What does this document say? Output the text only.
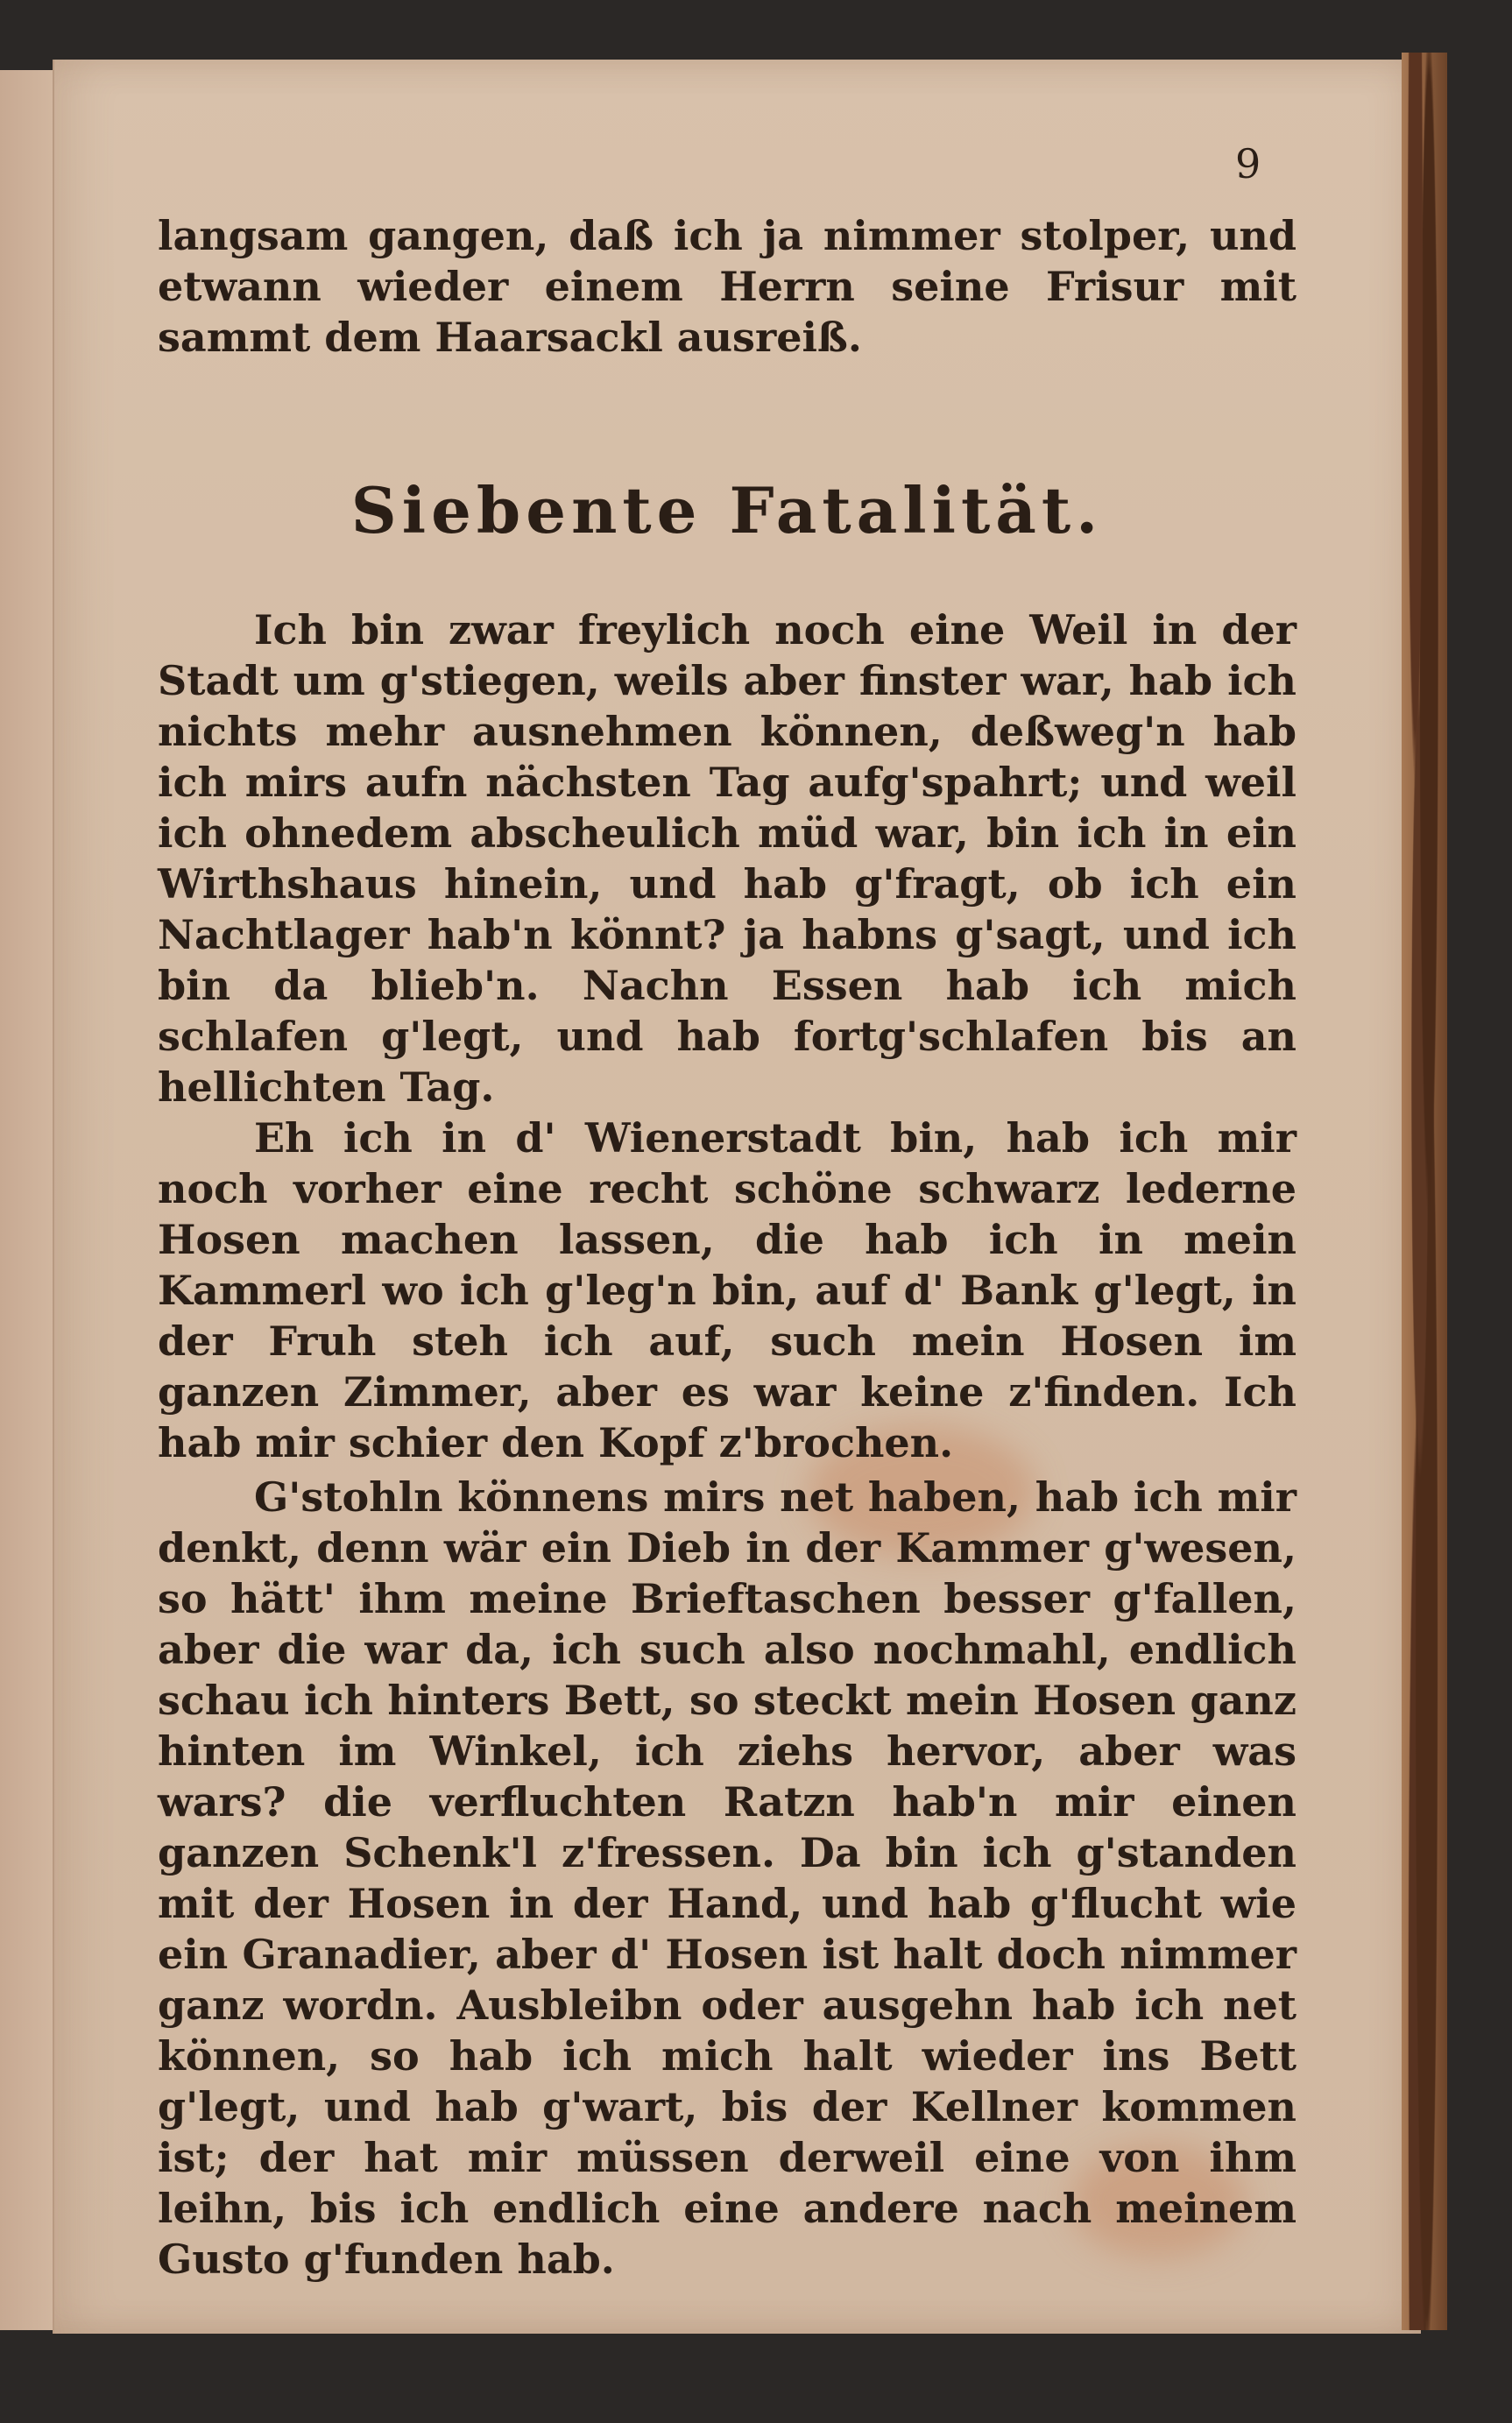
9

langsam gangen, daß ich ja nimmer stolper, und etwann wieder einem Herrn seine Frisur mit sammt dem Haarsackl ausreiß.

Siebente Fatalität.

Ich bin zwar freylich noch eine Weil in der Stadt um g'stiegen, weils aber finster war, hab ich nichts mehr ausnehmen können, deßweg'n hab ich mirs aufn nächsten Tag aufg'spahrt; und weil ich ohnedem abscheulich müd war, bin ich in ein Wirthshaus hinein, und hab g'fragt, ob ich ein Nachtlager hab'n könnt? ja habns g'sagt, und ich bin da blieb'n. Nachn Essen hab ich mich schlafen g'legt, und hab fortg'schlafen bis an hellichten Tag.

Eh ich in d' Wienerstadt bin, hab ich mir noch vorher eine recht schöne schwarz lederne Hosen machen lassen, die hab ich in mein Kammerl wo ich g'leg'n bin, auf d' Bank g'legt, in der Fruh steh ich auf, such mein Hosen im ganzen Zimmer, aber es war keine z'finden. Ich hab mir schier den Kopf z'brochen.

G'stohln könnens mirs net haben, hab ich mir denkt, denn wär ein Dieb in der Kammer g'wesen, so hätt' ihm meine Brieftaschen besser g'fallen, aber die war da, ich such also nochmahl, endlich schau ich hinters Bett, so steckt mein Hosen ganz hinten im Winkel, ich ziehs hervor, aber was wars? die verfluchten Ratzn hab'n mir einen ganzen Schenk'l z'fressen. Da bin ich g'standen mit der Hosen in der Hand, und hab g'flucht wie ein Granadier, aber d' Hosen ist halt doch nimmer ganz wordn. Ausbleibn oder ausgehn hab ich net können, so hab ich mich halt wieder ins Bett g'legt, und hab g'wart, bis der Kellner kommen ist; der hat mir müssen derweil eine von ihm leihn, bis ich endlich eine andere nach meinem Gusto g'funden hab.
